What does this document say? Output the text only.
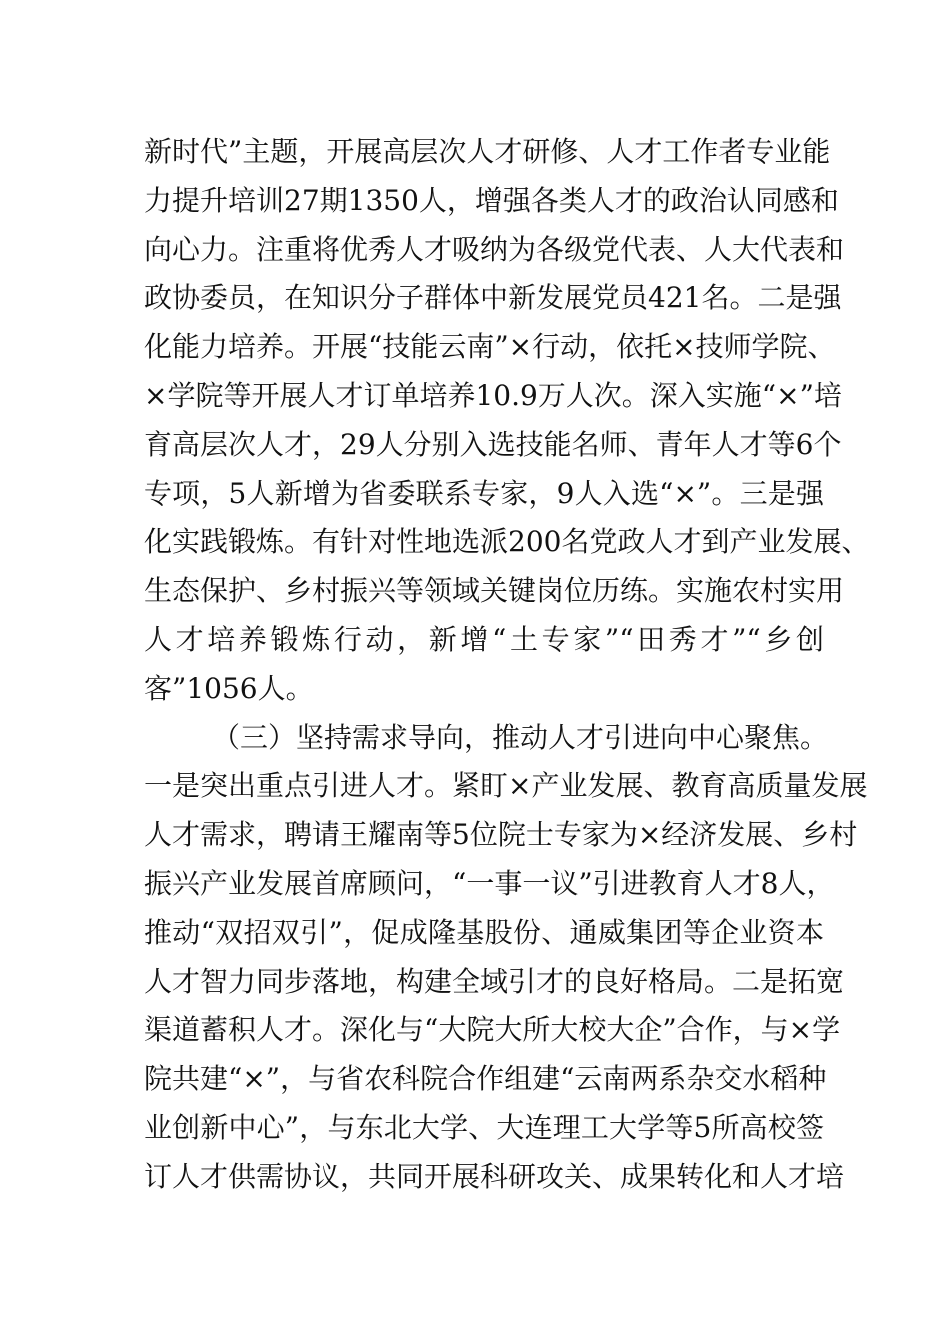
新时代”主题，开展高层次人才研修、人才工作者专业能
力提升培训27期1350人，增强各类人才的政治认同感和
向心力。注重将优秀人才吸纳为各级党代表、人大代表和
政协委员，在知识分子群体中新发展党员421名。二是强
化能力培养。开展“技能云南”×行动，依托×技师学院、
×学院等开展人才订单培养10.9万人次。深入实施“×”培
育高层次人才，29人分别入选技能名师、青年人才等6个
专项，5人新增为省委联系专家，9人入选“×”。三是强
化实践锻炼。有针对性地选派200名党政人才到产业发展、
生态保护、乡村振兴等领域关键岗位历练。实施农村实用
人才培养锻炼行动，新增“土专家”“田秀才”“乡创
客”1056人。
（三）坚持需求导向，推动人才引进向中心聚焦。
一是突出重点引进人才。紧盯×产业发展、教育高质量发展
人才需求，聘请王耀南等5位院士专家为×经济发展、乡村
振兴产业发展首席顾问，“一事一议”引进教育人才8人，
推动“双招双引”，促成隆基股份、通威集团等企业资本
人才智力同步落地，构建全域引才的良好格局。二是拓宽
渠道蓄积人才。深化与“大院大所大校大企”合作，与×学
院共建“×”，与省农科院合作组建“云南两系杂交水稻种
业创新中心”，与东北大学、大连理工大学等5所高校签
订人才供需协议，共同开展科研攻关、成果转化和人才培
